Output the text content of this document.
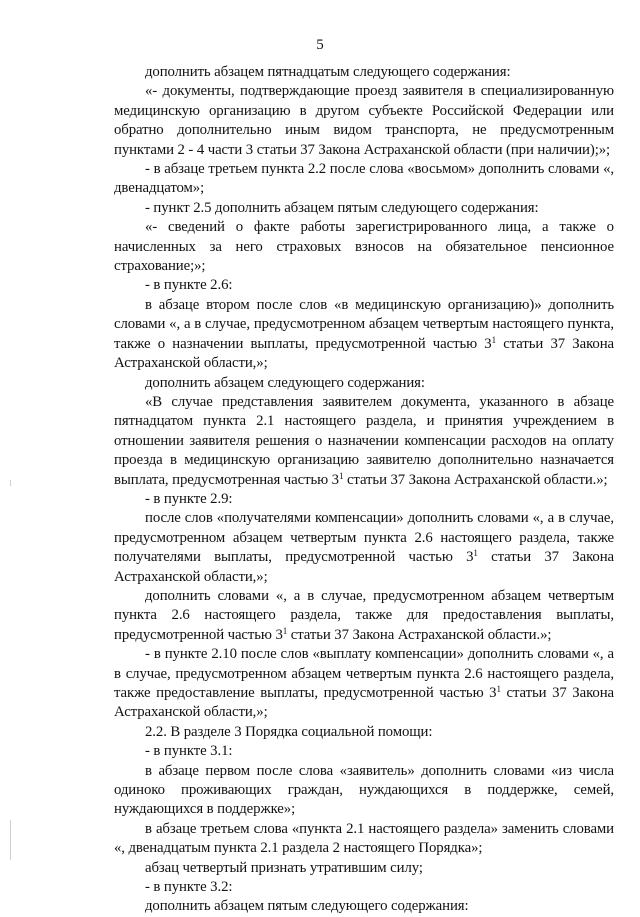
5

дополнить абзацем пятнадцатым следующего содержания:

«- документы, подтверждающие проезд заявителя в специализированную медицинскую организацию в другом субъекте Российской Федерации или обратно дополнительно иным видом транспорта, не предусмотренным пунктами 2 - 4 части 3 статьи 37 Закона Астраханской области (при наличии);»;

- в абзаце третьем пункта 2.2 после слова «восьмом» дополнить словами «, двенадцатом»;

- пункт 2.5 дополнить абзацем пятым следующего содержания:

«- сведений о факте работы зарегистрированного лица, а также о начисленных за него страховых взносов на обязательное пенсионное страхование;»;

- в пункте 2.6:

в абзаце втором после слов «в медицинскую организацию)» дополнить словами «, а в случае, предусмотренном абзацем четвертым настоящего пункта, также о назначении выплаты, предусмотренной частью $3^1$ статьи 37 Закона Астраханской области,»;

дополнить абзацем следующего содержания:

«В случае представления заявителем документа, указанного в абзаце пятнадцатом пункта 2.1 настоящего раздела, и принятия учреждением в отношении заявителя решения о назначении компенсации расходов на оплату проезда в медицинскую организацию заявителю дополнительно назначается выплата, предусмотренная частью $3^1$ статьи 37 Закона Астраханской области.»;

- в пункте 2.9:

после слов «получателями компенсации» дополнить словами «, а в случае, предусмотренном абзацем четвертым пункта 2.6 настоящего раздела, также получателями выплаты, предусмотренной частью $3^1$ статьи 37 Закона Астраханской области,»;

дополнить словами «, а в случае, предусмотренном абзацем четвертым пункта 2.6 настоящего раздела, также для предоставления выплаты, предусмотренной частью $3^1$ статьи 37 Закона Астраханской области.»;

- в пункте 2.10 после слов «выплату компенсации» дополнить словами «, а в случае, предусмотренном абзацем четвертым пункта 2.6 настоящего раздела, также предоставление выплаты, предусмотренной частью $3^1$ статьи 37 Закона Астраханской области,»;

2.2. В разделе 3 Порядка социальной помощи:

- в пункте 3.1:

в абзаце первом после слова «заявитель» дополнить словами «из числа одиноко проживающих граждан, нуждающихся в поддержке, семей, нуждающихся в поддержке»;

в абзаце третьем слова «пункта 2.1 настоящего раздела» заменить словами «, двенадцатым пункта 2.1 раздела 2 настоящего Порядка»;

абзац четвертый признать утратившим силу;

- в пункте 3.2:

дополнить абзацем пятым следующего содержания:
